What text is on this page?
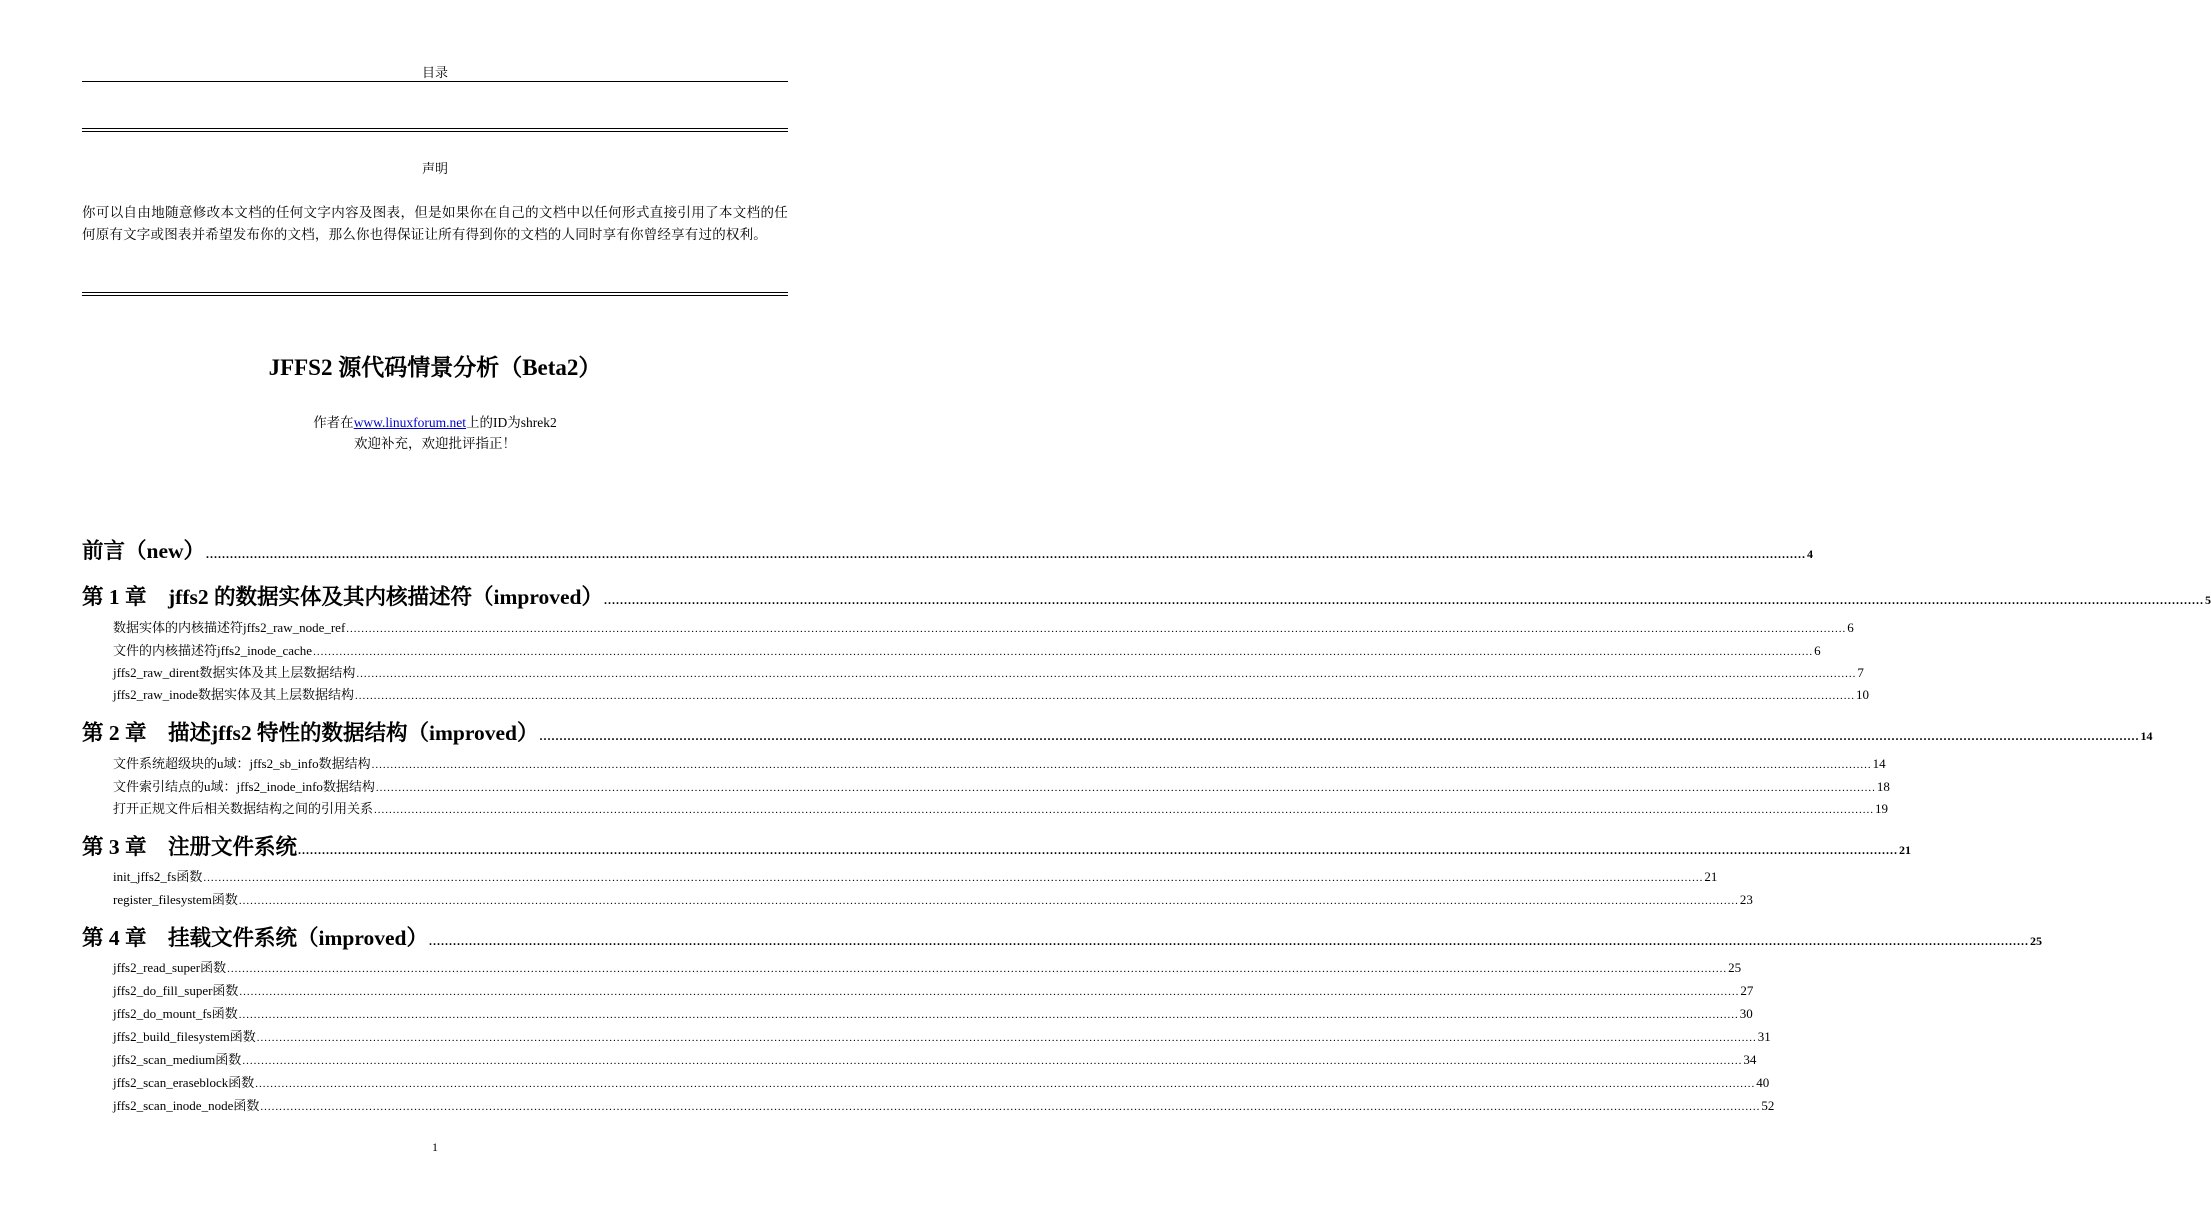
目录
声明
你可以自由地随意修改本文档的任何文字内容及图表，但是如果你在自己的文档中以任何形式直接引用了本文档的任何原有文字或图表并希望发布你的文档，那么你也得保证让所有得到你的文档的人同时享有你曾经享有过的权利。
JFFS2 源代码情景分析（Beta2）
作者在www.linuxforum.net上的ID为shrek2
欢迎补充，欢迎批评指正！
前言（new） ................................................................................................................................................................................................................................................................................................................................................................................................................ 4
第 1 章　jffs2 的数据实体及其内核描述符（improved） ................................................................................................................................................................................................................................................................................................................................................................................................................ 5
数据实体的内核描述符jffs2_raw_node_ref ................................................................................................................................................................................................................................................................................................................................................................................................................ 6
文件的内核描述符jffs2_inode_cache ................................................................................................................................................................................................................................................................................................................................................................................................................ 6
jffs2_raw_dirent数据实体及其上层数据结构 ................................................................................................................................................................................................................................................................................................................................................................................................................ 7
jffs2_raw_inode数据实体及其上层数据结构 ................................................................................................................................................................................................................................................................................................................................................................................................................ 10
第 2 章　描述jffs2 特性的数据结构（improved） ................................................................................................................................................................................................................................................................................................................................................................................................................ 14
文件系统超级块的u域：jffs2_sb_info数据结构 ................................................................................................................................................................................................................................................................................................................................................................................................................ 14
文件索引结点的u域：jffs2_inode_info数据结构 ................................................................................................................................................................................................................................................................................................................................................................................................................ 18
打开正规文件后相关数据结构之间的引用关系 ................................................................................................................................................................................................................................................................................................................................................................................................................ 19
第 3 章　注册文件系统 ................................................................................................................................................................................................................................................................................................................................................................................................................ 21
init_jffs2_fs函数 ................................................................................................................................................................................................................................................................................................................................................................................................................ 21
register_filesystem函数 ................................................................................................................................................................................................................................................................................................................................................................................................................ 23
第 4 章　挂载文件系统（improved） ................................................................................................................................................................................................................................................................................................................................................................................................................ 25
jffs2_read_super函数 ................................................................................................................................................................................................................................................................................................................................................................................................................ 25
jffs2_do_fill_super函数 ................................................................................................................................................................................................................................................................................................................................................................................................................ 27
jffs2_do_mount_fs函数 ................................................................................................................................................................................................................................................................................................................................................................................................................ 30
jffs2_build_filesystem函数 ................................................................................................................................................................................................................................................................................................................................................................................................................ 31
jffs2_scan_medium函数 ................................................................................................................................................................................................................................................................................................................................................................................................................ 34
jffs2_scan_eraseblock函数 ................................................................................................................................................................................................................................................................................................................................................................................................................ 40
jffs2_scan_inode_node函数 ................................................................................................................................................................................................................................................................................................................................................................................................................ 52
1
